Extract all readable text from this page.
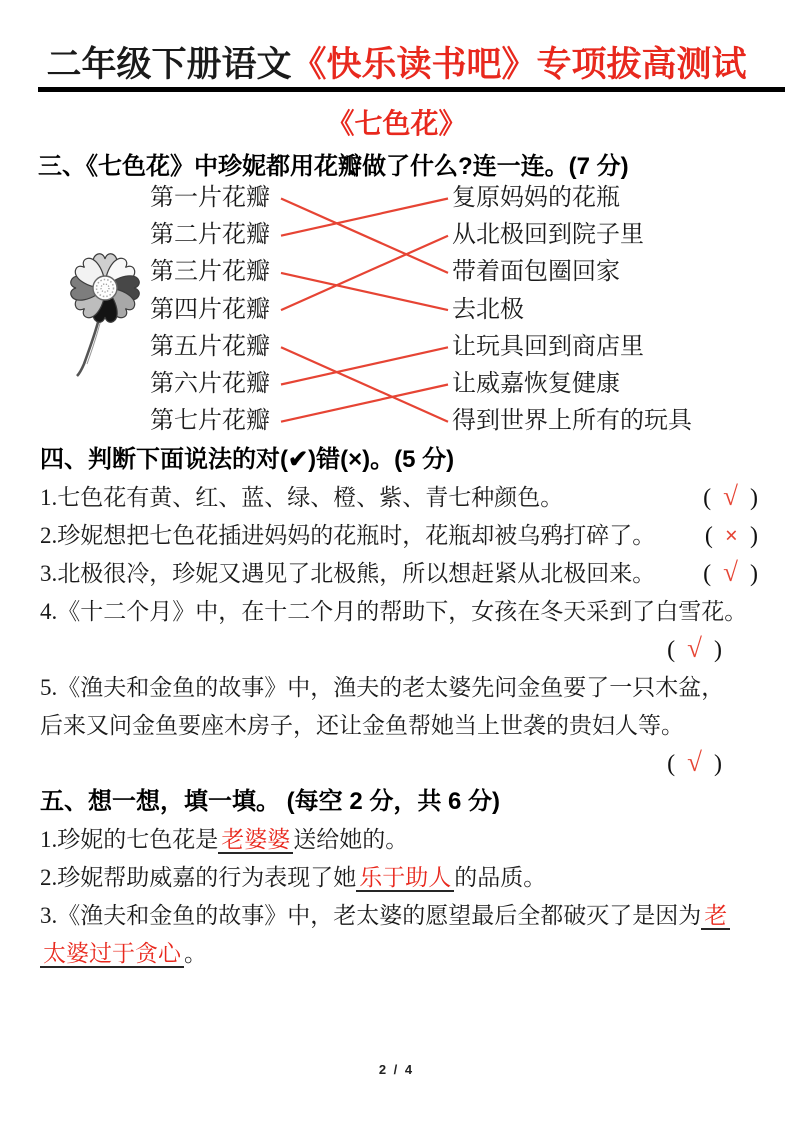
二年级下册语文《快乐读书吧》专项拔高测试
《七色花》
三、《七色花》中珍妮都用花瓣做了什么?连一连。(7 分)
第一片花瓣
第二片花瓣
第三片花瓣
第四片花瓣
第五片花瓣
第六片花瓣
第七片花瓣
复原妈妈的花瓶
从北极回到院子里
带着面包圈回家
去北极
让玩具回到商店里
让威嘉恢复健康
得到世界上所有的玩具
四、判断下面说法的对(✔)错(×)。(5 分)
1.七色花有黄、红、蓝、绿、橙、紫、青七种颜色。	( √ )
2.珍妮想把七色花插进妈妈的花瓶时，花瓶却被乌鸦打碎了。 ( × )
3.北极很冷，珍妮又遇见了北极熊，所以想赶紧从北极回来。 ( √ )
4.《十二个月》中，在十二个月的帮助下，女孩在冬天采到了白雪花。
( √ )
5.《渔夫和金鱼的故事》中，渔夫的老太婆先问金鱼要了一只木盆，
后来又问金鱼要座木房子，还让金鱼帮她当上世袭的贵妇人等。
( √ )
五、想一想，填一填。 (每空 2 分，共 6 分)
1.珍妮的七色花是 老婆婆 送给她的。
2.珍妮帮助威嘉的行为表现了她 乐于助人 的品质。
3.《渔夫和金鱼的故事》中，老太婆的愿望最后全都破灭了是因为 老
太婆过于贪心 。
2 / 4
